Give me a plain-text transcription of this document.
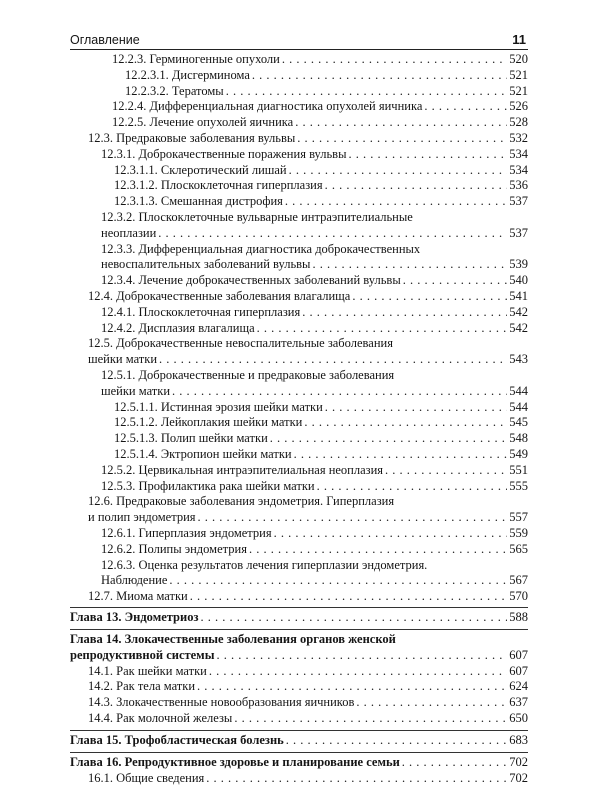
Оглавление	11
12.2.3. Герминогенные опухоли . . .	520
12.2.3.1. Дисгерминома . . .	521
12.2.3.2. Тератомы . . .	521
12.2.4. Дифференциальная диагностика опухолей яичника . . .	526
12.2.5. Лечение опухолей яичника . . .	528
12.3. Предраковые заболевания вульвы . . .	532
12.3.1. Доброкачественные поражения вульвы . . .	534
12.3.1.1. Склеротический лишай . . .	534
12.3.1.2. Плоскоклеточная гиперплазия . . .	536
12.3.1.3. Смешанная дистрофия . . .	537
12.3.2. Плоскоклеточные вульварные интраэпителиальные
неоплазии . . .	537
12.3.3. Дифференциальная диагностика доброкачественных
невоспалительных заболеваний вульвы . . .	539
12.3.4. Лечение доброкачественных заболеваний вульвы . . .	540
12.4. Доброкачественные заболевания влагалища . . .	541
12.4.1. Плоскоклеточная гиперплазия . . .	542
12.4.2. Дисплазия влагалища . . .	542
12.5. Доброкачественные невоспалительные заболевания
шейки матки . . .	543
12.5.1. Доброкачественные и предраковые заболевания
шейки матки . . .	544
12.5.1.1. Истинная эрозия шейки матки . . .	544
12.5.1.2. Лейкоплакия шейки матки . . .	545
12.5.1.3. Полип шейки матки . . .	548
12.5.1.4. Эктропион шейки матки . . .	549
12.5.2. Цервикальная интраэпителиальная неоплазия . . .	551
12.5.3. Профилактика рака шейки матки . . .	555
12.6. Предраковые заболевания эндометрия. Гиперплазия
и полип эндометрия . . .	557
12.6.1. Гиперплазия эндометрия . . .	559
12.6.2. Полипы эндометрия . . .	565
12.6.3. Оценка результатов лечения гиперплазии эндометрия.
Наблюдение . . .	567
12.7. Миома матки . . .	570
Глава 13. Эндометриоз . . .	588
Глава 14. Злокачественные заболевания органов женской
репродуктивной системы . . .	607
14.1. Рак шейки матки . . .	607
14.2. Рак тела матки . . .	624
14.3. Злокачественные новообразования яичников . . .	637
14.4. Рак молочной железы . . .	650
Глава 15. Трофобластическая болезнь . . .	683
Глава 16. Репродуктивное здоровье и планирование семьи . . .	702
16.1. Общие сведения . . .	702
